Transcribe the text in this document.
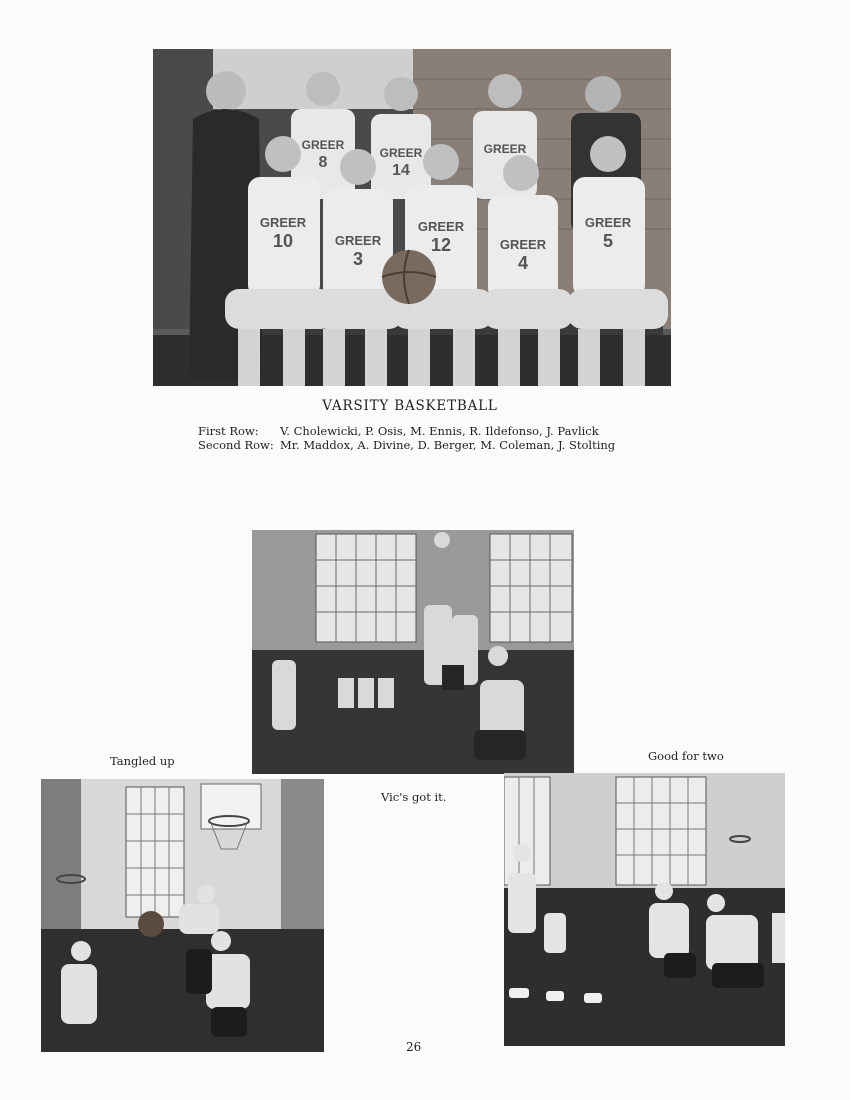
GREER
8
GREER
14
GREER
GREER
10	GREER
3
GREER
12	GREER
4
GREER
5
VARSITY BASKETBALL
First Row: V. Cholewicki, P. Osis, M. Ennis, R. Ildefonso, J. Pavlick
Second Row: Mr. Maddox, A. Divine, D. Berger, M. Coleman, J. Stolting
Tangled up	Good for two
Vic's got it.
26
